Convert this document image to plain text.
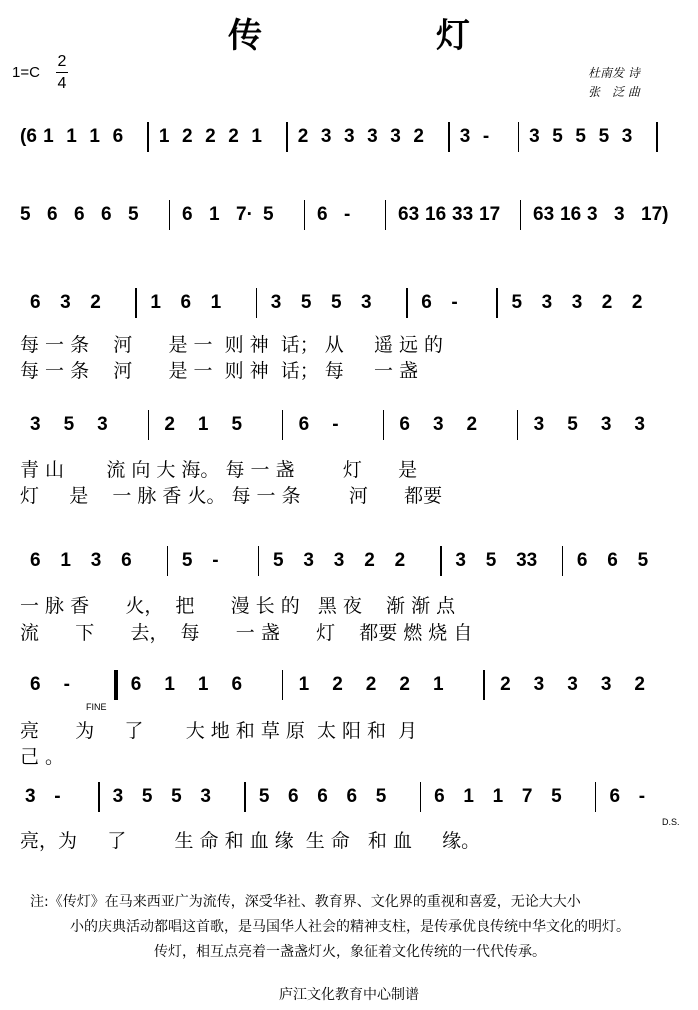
传　灯
1=C
2
4
杜南发 诗
张　泛 曲
(6 1 1 1 6 1 2 2 2 1 2 3 3 3 3 2 3 - 3 5 5 5 3
5 6 6 6 5 6 1 7· 5 6 -	63 16 33 17 63 16 3 3 17)
6 3 2	1 6 1	3 5 5 3	6 -	5 3 3 2 2
3 5 3	2 1 5	6 -	6 3 2	3 5 3 3
6 1 3 6	5 -	5 3 3 2 2	3 5 33 6 6 5
6 -	6 1 1 6	1 2 2 2 1	2 3 3 3 2
3 -	3 5 5 3	5 6 6 6 5	6 1 1 7 5	6 -
每 一 条    河      是 一  则 神  话； 从     遥 远 的
每 一 条    河      是 一  则 神  话； 每     一 盏
青 山       流 向 大 海。 每 一 盏        灯      是
灯     是    一 脉 香 火。 每 一 条        河      都要
一 脉 香      火，  把      漫 长 的   黑 夜    渐 渐 点
流      下      去，  每      一 盏      灯    都要 燃 烧 自
亮      为     了       大 地 和 草 原  太 阳 和  月
己 。
亮，为     了        生 命 和 血 缘  生 命   和 血     缘。
FINE
D.S.

注:《传灯》在马来西亚广为流传，深受华社、教育界、文化界的重视和喜爱，无论大大小

小的庆典活动都唱这首歌，是马国华人社会的精神支柱，是传承优良传统中华文化的明灯。

传灯，相互点亮着一盏盏灯火，象征着文化传统的一代代传承。

庐江文化教育中心制谱
